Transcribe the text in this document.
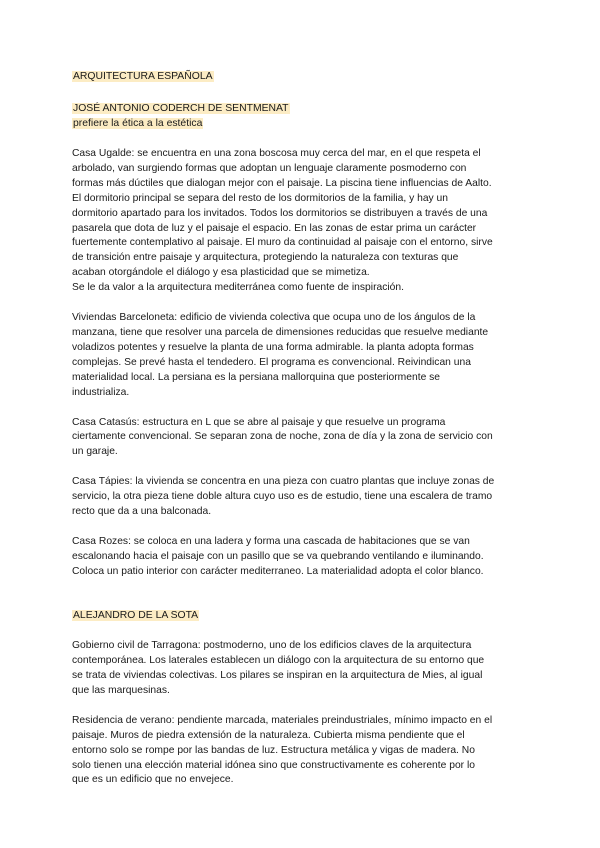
ARQUITECTURA ESPAÑOLA
JOSÉ ANTONIO CODERCH DE SENTMENAT
prefiere la ética a la estética

Casa Ugalde: se encuentra en una zona boscosa muy cerca del mar, en el que respeta el
arbolado, van surgiendo formas que adoptan un lenguaje claramente posmoderno con
formas más dúctiles que dialogan mejor con el paisaje. La piscina tiene influencias de Aalto.
El dormitorio principal se separa del resto de los dormitorios de la familia, y hay un
dormitorio apartado para los invitados. Todos los dormitorios se distribuyen a través de una
pasarela que dota de luz y el paisaje el espacio. En las zonas de estar prima un carácter
fuertemente contemplativo al paisaje. El muro da continuidad al paisaje con el entorno, sirve
de transición entre paisaje y arquitectura, protegiendo la naturaleza con texturas que
acaban otorgándole el diálogo y esa plasticidad que se mimetiza.
Se le da valor a la arquitectura mediterránea como fuente de inspiración.

Viviendas Barceloneta: edificio de vivienda colectiva que ocupa uno de los ángulos de la
manzana, tiene que resolver una parcela de dimensiones reducidas que resuelve mediante
voladizos potentes y resuelve la planta de una forma admirable. la planta adopta formas
complejas. Se prevé hasta el tendedero. El programa es convencional. Reivindican una
materialidad local. La persiana es la persiana mallorquina que posteriormente se
industrializa.

Casa Catasús: estructura en L que se abre al paisaje y que resuelve un programa
ciertamente convencional. Se separan zona de noche, zona de día y la zona de servicio con
un garaje.

Casa Tápies: la vivienda se concentra en una pieza con cuatro plantas que incluye zonas de
servicio, la otra pieza tiene doble altura cuyo uso es de estudio, tiene una escalera de tramo
recto que da a una balconada.

Casa Rozes: se coloca en una ladera y forma una cascada de habitaciones que se van
escalonando hacia el paisaje con un pasillo que se va quebrando ventilando e iluminando.
Coloca un patio interior con carácter mediterraneo. La materialidad adopta el color blanco.

ALEJANDRO DE LA SOTA

Gobierno civil de Tarragona: postmoderno, uno de los edificios claves de la arquitectura
contemporánea. Los laterales establecen un diálogo con la arquitectura de su entorno que
se trata de viviendas colectivas. Los pilares se inspiran en la arquitectura de Mies, al igual
que las marquesinas.

Residencia de verano: pendiente marcada, materiales preindustriales, mínimo impacto en el
paisaje. Muros de piedra extensión de la naturaleza. Cubierta misma pendiente que el
entorno solo se rompe por las bandas de luz. Estructura metálica y vigas de madera. No
solo tienen una elección material idónea sino que constructivamente es coherente por lo
que es un edificio que no envejece.
